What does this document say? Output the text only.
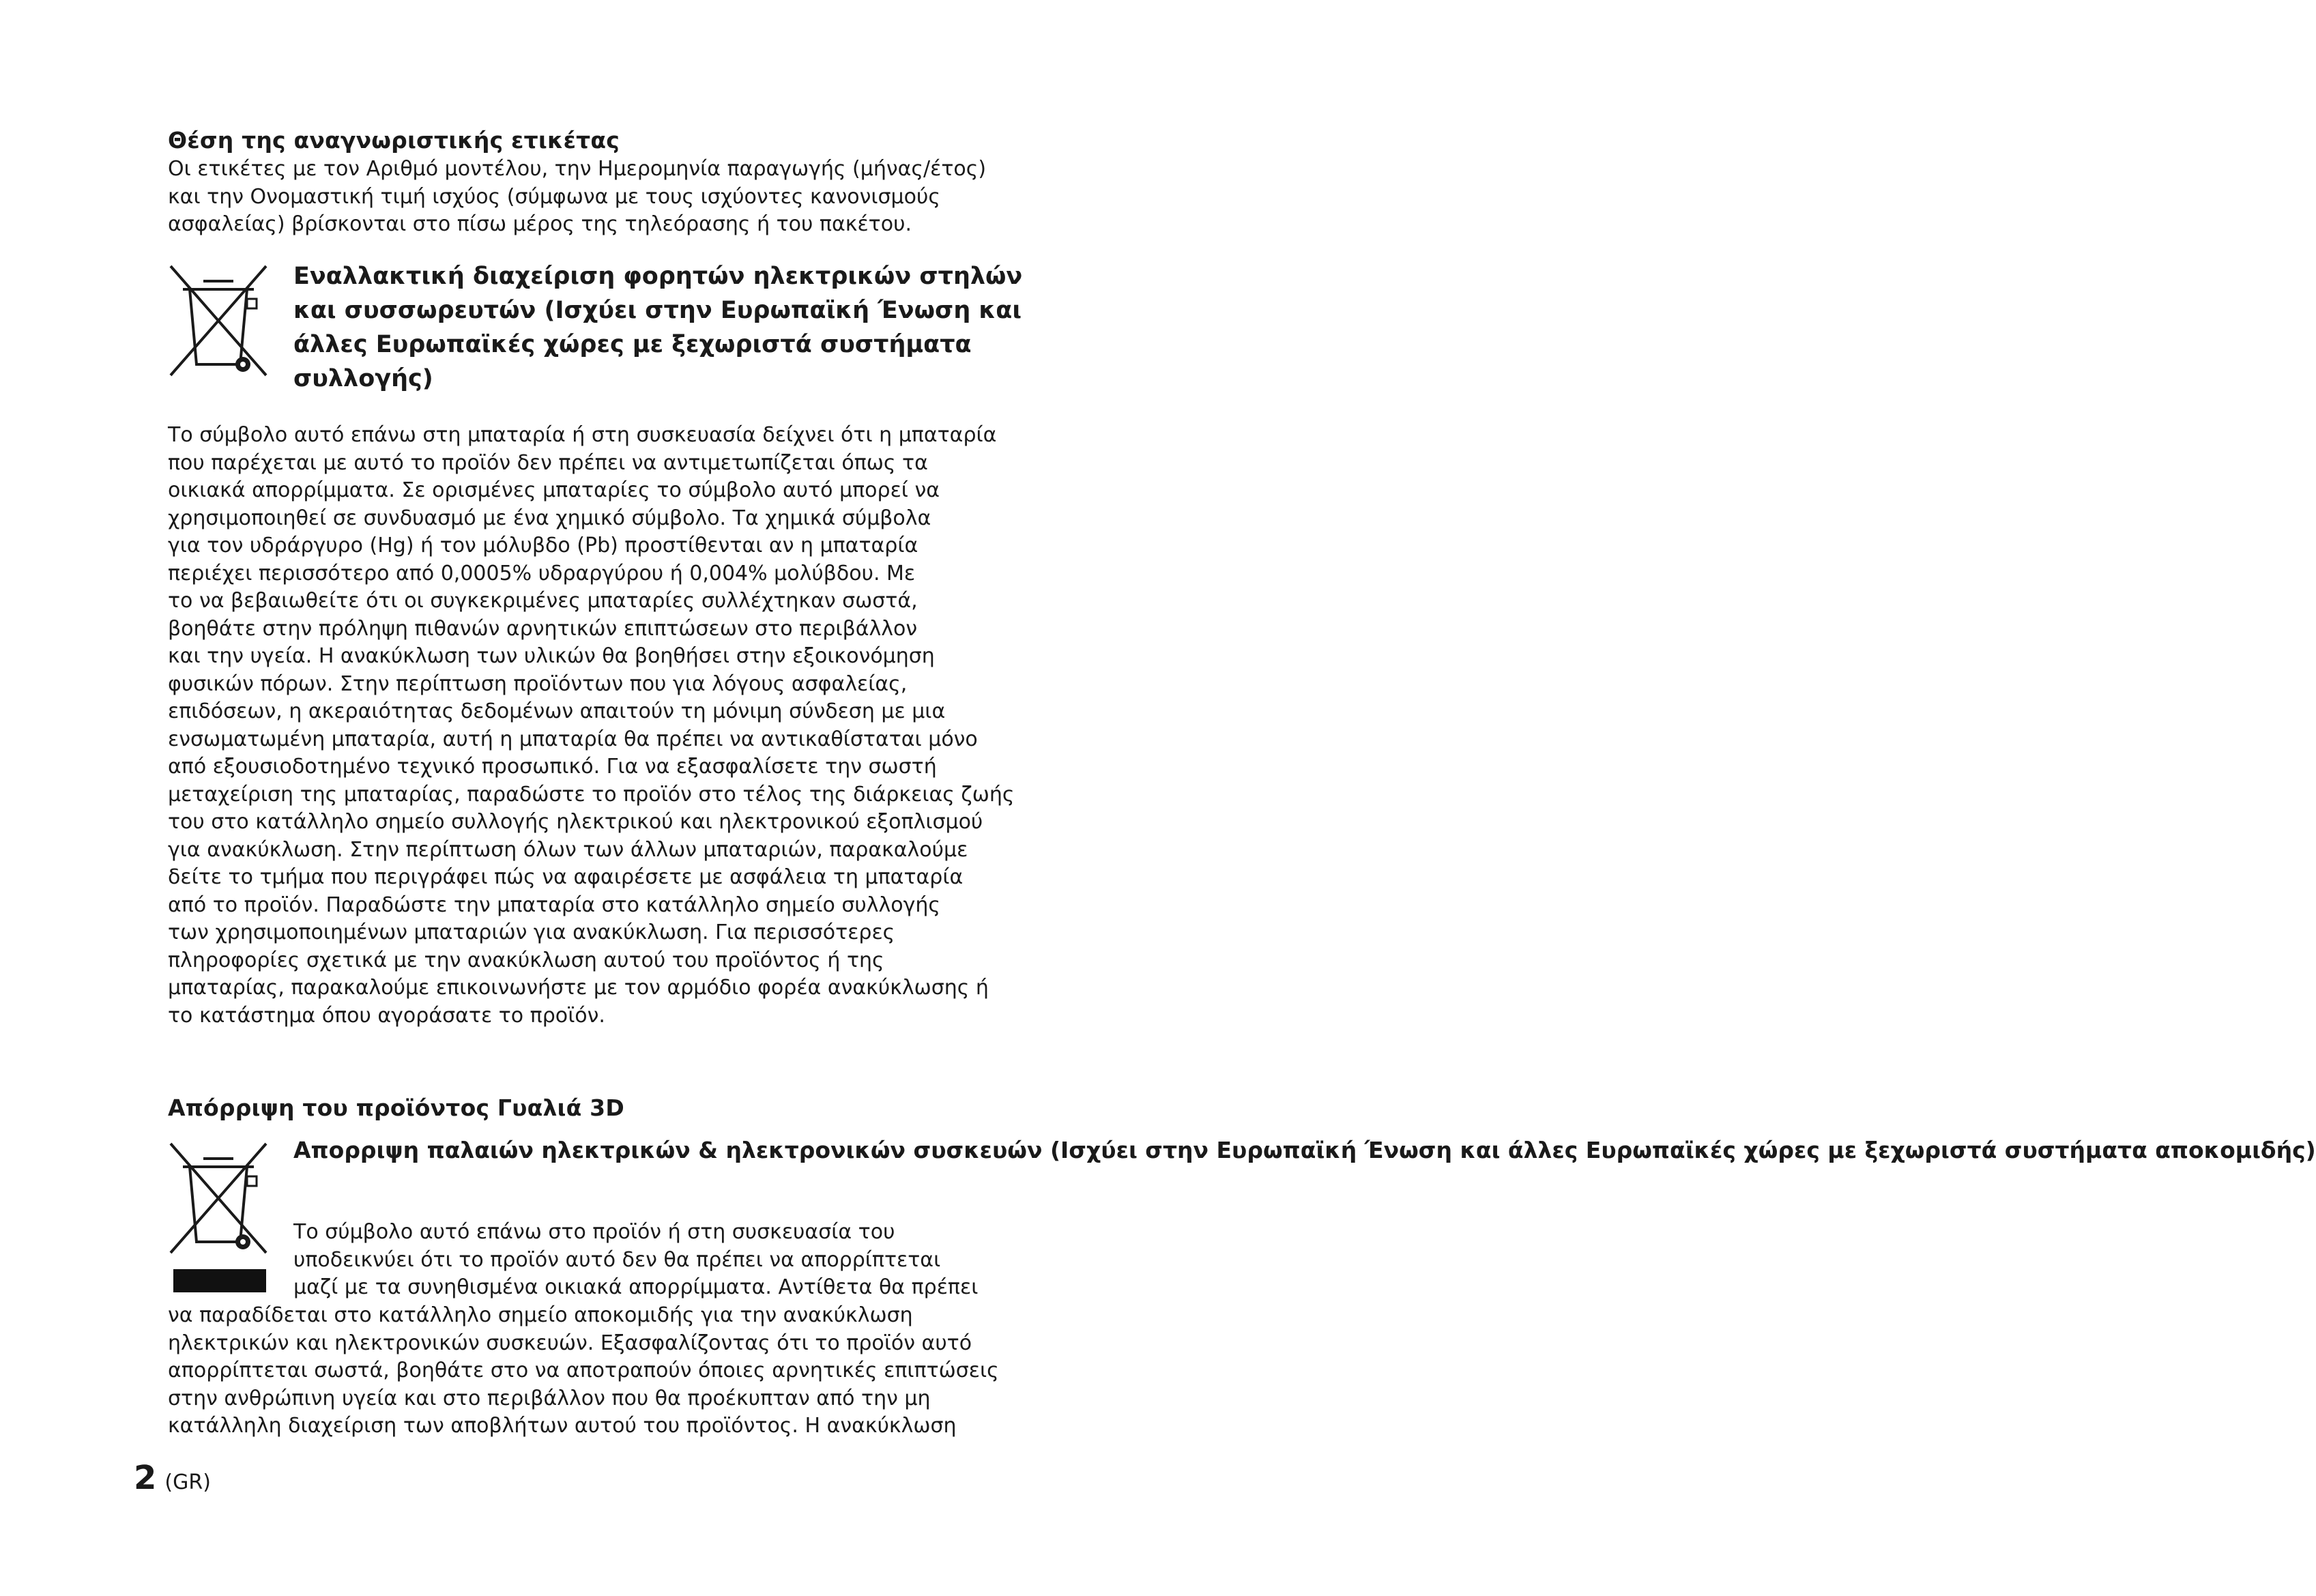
Θέση της αναγνωριστικής ετικέτας
Οι ετικέτες με τον Αριθμό μοντέλου, την Ημερομηνία παραγωγής (μήνας/έτος)
και την Ονομαστική τιμή ισχύος (σύμφωνα με τους ισχύοντες κανονισμούς
ασφαλείας) βρίσκονται στο πίσω μέρος της τηλεόρασης ή του πακέτου.
Εναλλακτική διαχείριση φορητών ηλεκτρικών στηλών
και συσσωρευτών (Ισχύει στην Ευρωπαϊκή Ένωση και
άλλες Ευρωπαϊκές χώρες με ξεχωριστά συστήματα
συλλογής)
Το σύμβολο αυτό επάνω στη μπαταρία ή στη συσκευασία δείχνει ότι η μπαταρία
που παρέχεται με αυτό το προϊόν δεν πρέπει να αντιμετωπίζεται όπως τα
οικιακά απορρίμματα. Σε ορισμένες μπαταρίες το σύμβολο αυτό μπορεί να
χρησιμοποιηθεί σε συνδυασμό με ένα χημικό σύμβολο. Τα χημικά σύμβολα
για τον υδράργυρο (Hg) ή τον μόλυβδο (Pb) προστίθενται αν η μπαταρία
περιέχει περισσότερο από 0,0005% υδραργύρου ή 0,004% μολύβδου. Με
το να βεβαιωθείτε ότι οι συγκεκριμένες μπαταρίες συλλέχτηκαν σωστά,
βοηθάτε στην πρόληψη πιθανών αρνητικών επιπτώσεων στο περιβάλλον
και την υγεία. Η ανακύκλωση των υλικών θα βοηθήσει στην εξοικονόμηση
φυσικών πόρων. Στην περίπτωση προϊόντων που για λόγους ασφαλείας,
επιδόσεων, η ακεραιότητας δεδομένων απαιτούν τη μόνιμη σύνδεση με μια
ενσωματωμένη μπαταρία, αυτή η μπαταρία θα πρέπει να αντικαθίσταται μόνο
από εξουσιοδοτημένο τεχνικό προσωπικό. Για να εξασφαλίσετε την σωστή
μεταχείριση της μπαταρίας, παραδώστε το προϊόν στο τέλος της διάρκειας ζωής
του στο κατάλληλο σημείο συλλογής ηλεκτρικού και ηλεκτρονικού εξοπλισμού
για ανακύκλωση. Στην περίπτωση όλων των άλλων μπαταριών, παρακαλούμε
δείτε το τμήμα που περιγράφει πώς να αφαιρέσετε με ασφάλεια τη μπαταρία
από το προϊόν. Παραδώστε την μπαταρία στο κατάλληλο σημείο συλλογής
των χρησιμοποιημένων μπαταριών για ανακύκλωση. Για περισσότερες
πληροφορίες σχετικά με την ανακύκλωση αυτού του προϊόντος ή της
μπαταρίας, παρακαλούμε επικοινωνήστε με τον αρμόδιο φορέα ανακύκλωσης ή
το κατάστημα όπου αγοράσατε το προϊόν.
Απόρριψη του προϊόντος Γυαλιά 3D
Απορριψη παλαιών ηλεκτρικών & ηλεκτρονικών συσκευών (Ισχύει στην Ευρωπαϊκή Ένωση και άλλες Ευρωπαϊκές χώρες με ξεχωριστά συστήματα αποκομιδής)
Το σύμβολο αυτό επάνω στο προϊόν ή στη συσκευασία του
υποδεικνύει ότι το προϊόν αυτό δεν θα πρέπει να απορρίπτεται
μαζί με τα συνηθισμένα οικιακά απορρίμματα. Αντίθετα θα πρέπει
να παραδίδεται στο κατάλληλο σημείο αποκομιδής για την ανακύκλωση
ηλεκτρικών και ηλεκτρονικών συσκευών. Εξασφαλίζοντας ότι το προϊόν αυτό
απορρίπτεται σωστά, βοηθάτε στο να αποτραπούν όποιες αρνητικές επιπτώσεις
στην ανθρώπινη υγεία και στο περιβάλλον που θα προέκυπταν από την μη
κατάλληλη διαχείριση των αποβλήτων αυτού του προϊόντος. Η ανακύκλωση
2 (GR)
